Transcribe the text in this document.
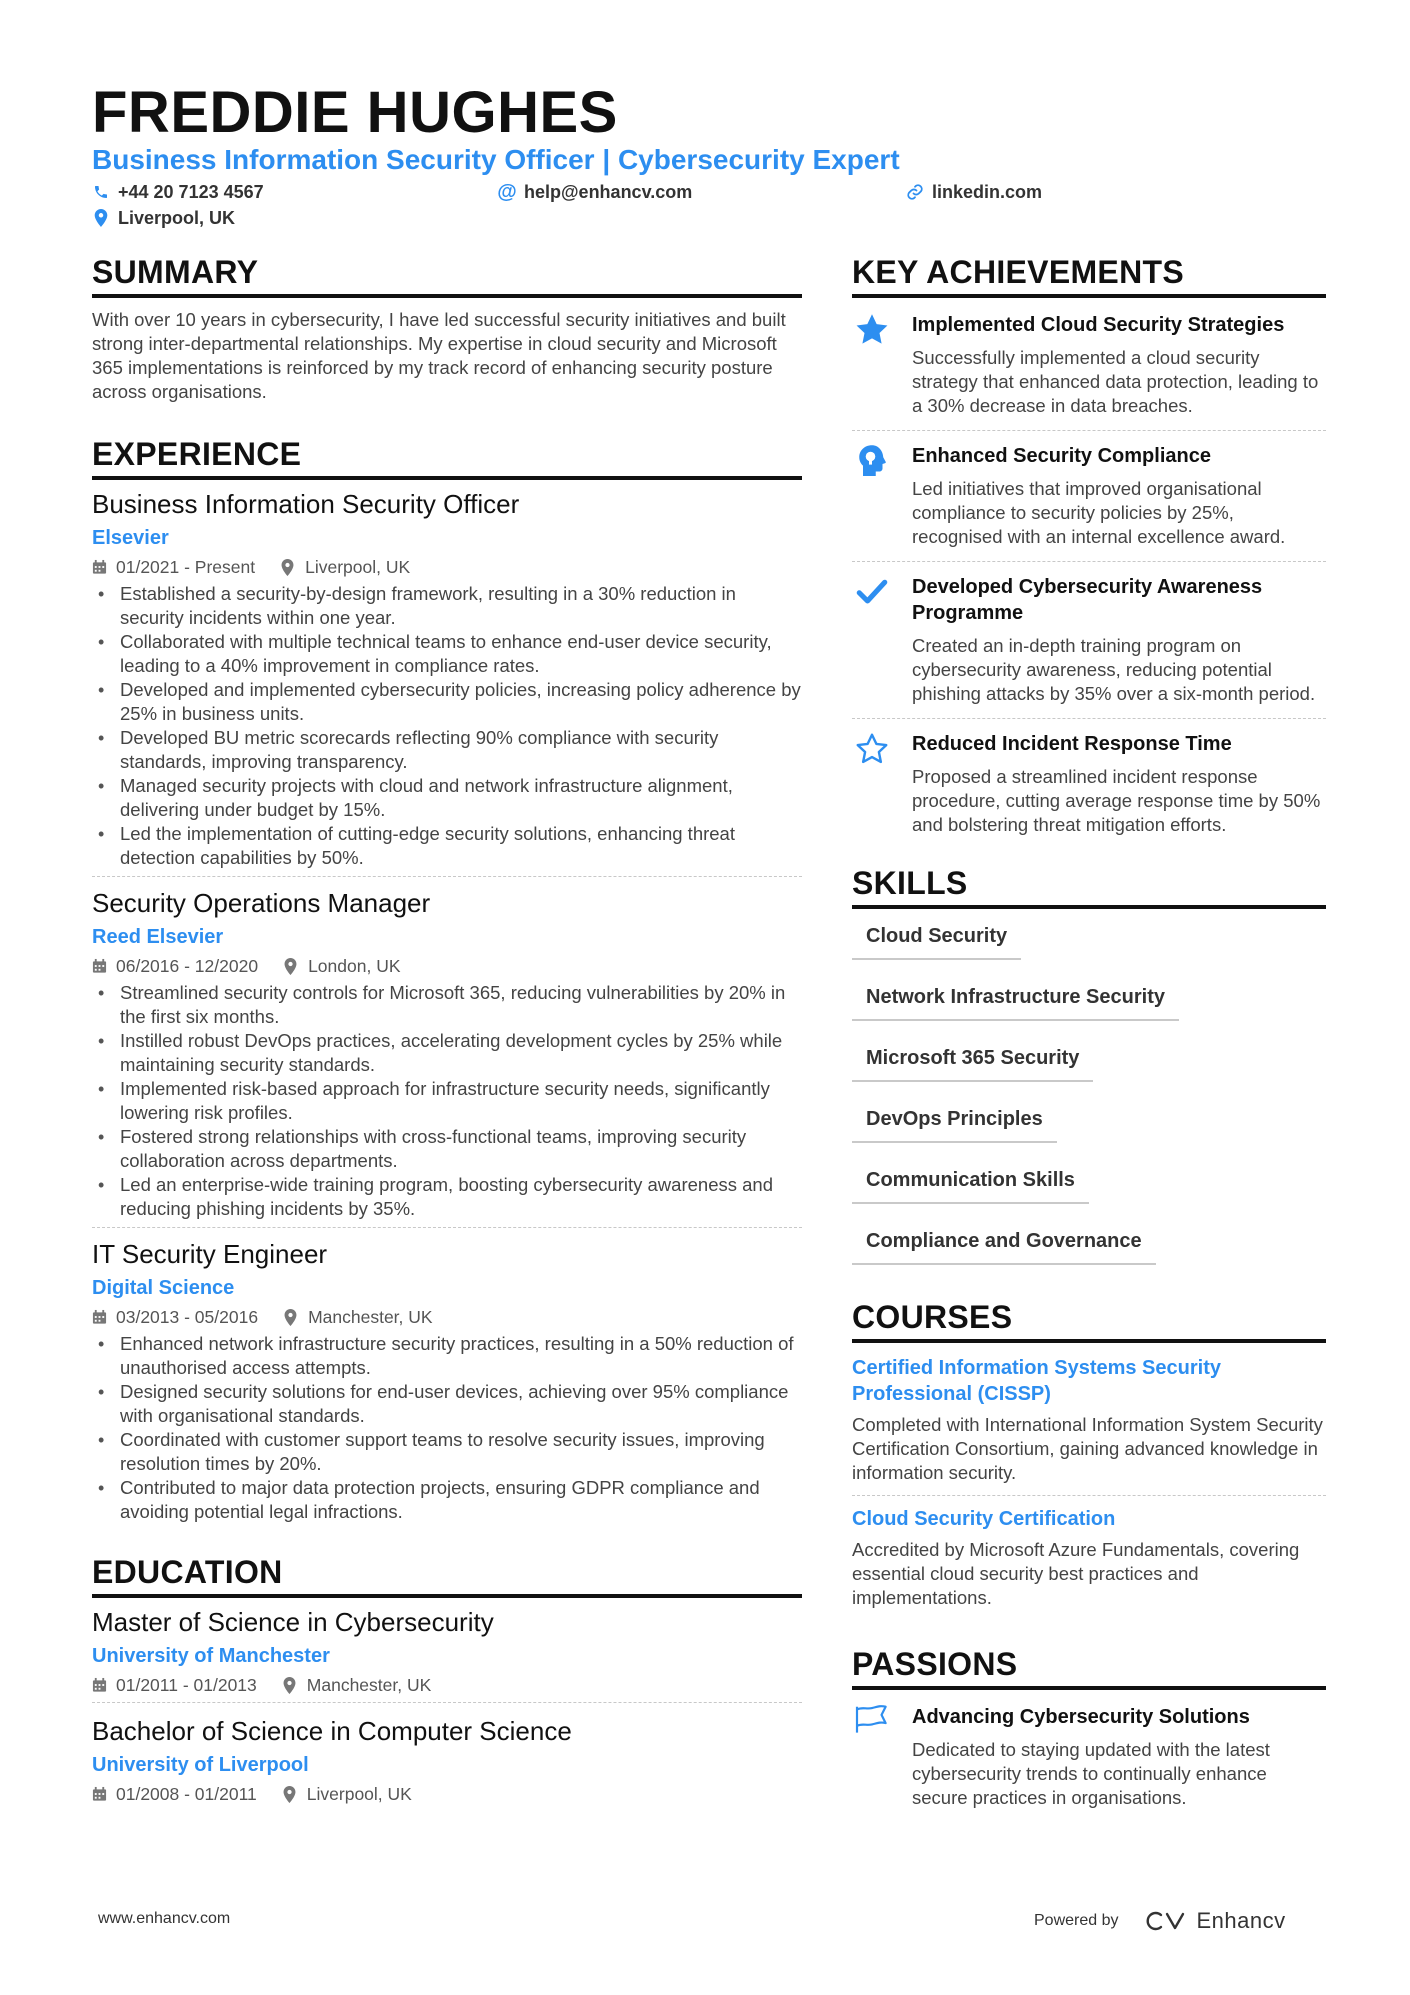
FREDDIE HUGHES
Business Information Security Officer | Cybersecurity Expert
+44 20 7123 4567	@ help@enhancv.com	linkedin.com
Liverpool, UK
SUMMARY
With over 10 years in cybersecurity, I have led successful security initiatives and built strong inter-departmental relationships. My expertise in cloud security and Microsoft 365 implementations is reinforced by my track record of enhancing security posture across organisations.
EXPERIENCE
Business Information Security Officer
Elsevier
01/2021 - Present	Liverpool, UK
• Established a security-by-design framework, resulting in a 30% reduction in security incidents within one year.
• Collaborated with multiple technical teams to enhance end-user device security, leading to a 40% improvement in compliance rates.
• Developed and implemented cybersecurity policies, increasing policy adherence by 25% in business units.
• Developed BU metric scorecards reflecting 90% compliance with security standards, improving transparency.
• Managed security projects with cloud and network infrastructure alignment, delivering under budget by 15%.
• Led the implementation of cutting-edge security solutions, enhancing threat detection capabilities by 50%.
Security Operations Manager
Reed Elsevier
06/2016 - 12/2020	London, UK
• Streamlined security controls for Microsoft 365, reducing vulnerabilities by 20% in the first six months.
• Instilled robust DevOps practices, accelerating development cycles by 25% while maintaining security standards.
• Implemented risk-based approach for infrastructure security needs, significantly lowering risk profiles.
• Fostered strong relationships with cross-functional teams, improving security collaboration across departments.
• Led an enterprise-wide training program, boosting cybersecurity awareness and reducing phishing incidents by 35%.
IT Security Engineer
Digital Science
03/2013 - 05/2016	Manchester, UK
• Enhanced network infrastructure security practices, resulting in a 50% reduction of unauthorised access attempts.
• Designed security solutions for end-user devices, achieving over 95% compliance with organisational standards.
• Coordinated with customer support teams to resolve security issues, improving resolution times by 20%.
• Contributed to major data protection projects, ensuring GDPR compliance and avoiding potential legal infractions.
EDUCATION
Master of Science in Cybersecurity
University of Manchester
01/2011 - 01/2013	Manchester, UK
Bachelor of Science in Computer Science
University of Liverpool
01/2008 - 01/2011	Liverpool, UK
KEY ACHIEVEMENTS
Implemented Cloud Security Strategies
Successfully implemented a cloud security strategy that enhanced data protection, leading to a 30% decrease in data breaches.
Enhanced Security Compliance
Led initiatives that improved organisational compliance to security policies by 25%, recognised with an internal excellence award.
Developed Cybersecurity Awareness Programme
Created an in-depth training program on cybersecurity awareness, reducing potential phishing attacks by 35% over a six-month period.
Reduced Incident Response Time
Proposed a streamlined incident response procedure, cutting average response time by 50% and bolstering threat mitigation efforts.
SKILLS
Cloud Security
Network Infrastructure Security
Microsoft 365 Security
DevOps Principles
Communication Skills
Compliance and Governance
COURSES
Certified Information Systems Security Professional (CISSP)
Completed with International Information System Security Certification Consortium, gaining advanced knowledge in information security.
Cloud Security Certification
Accredited by Microsoft Azure Fundamentals, covering essential cloud security best practices and implementations.
PASSIONS
Advancing Cybersecurity Solutions
Dedicated to staying updated with the latest cybersecurity trends to continually enhance secure practices in organisations.
www.enhancv.com	Powered by	Enhancv
